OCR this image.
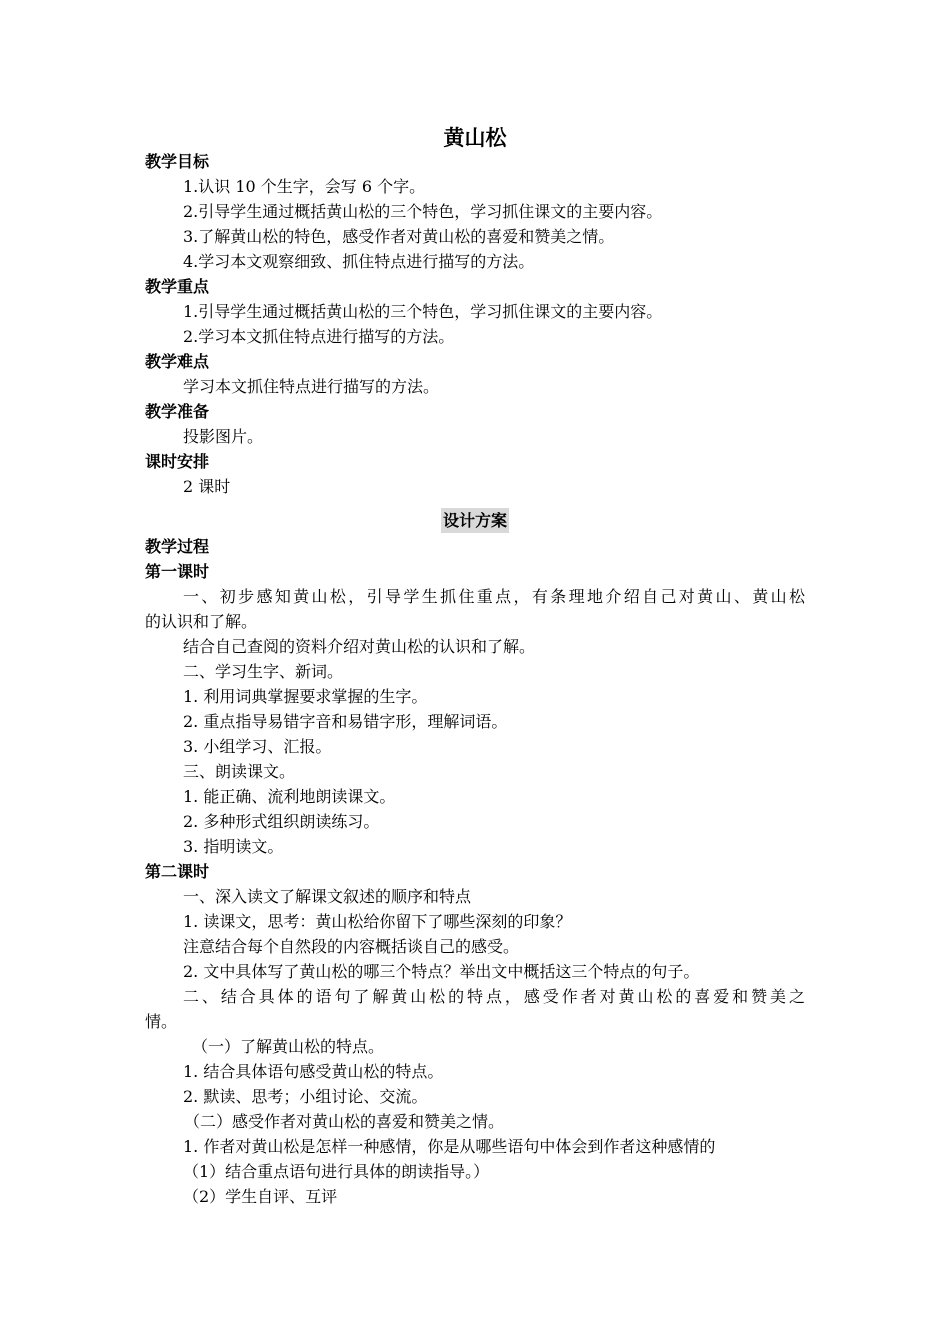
黄山松
教学目标
1.认识 10 个生字，会写 6 个字。
2.引导学生通过概括黄山松的三个特色，学习抓住课文的主要内容。
3.了解黄山松的特色，感受作者对黄山松的喜爱和赞美之情。
4.学习本文观察细致、抓住特点进行描写的方法。
教学重点
1.引导学生通过概括黄山松的三个特色，学习抓住课文的主要内容。
2.学习本文抓住特点进行描写的方法。
教学难点
学习本文抓住特点进行描写的方法。
教学准备
投影图片。
课时安排
2 课时
设计方案
教学过程
第一课时
一、初步感知黄山松，引导学生抓住重点，有条理地介绍自己对黄山、黄山松
的认识和了解。
结合自己查阅的资料介绍对黄山松的认识和了解。
二、学习生字、新词。
1. 利用词典掌握要求掌握的生字。
2. 重点指导易错字音和易错字形，理解词语。
3. 小组学习、汇报。
三、朗读课文。
1. 能正确、流利地朗读课文。
2. 多种形式组织朗读练习。
3. 指明读文。
第二课时
一、深入读文了解课文叙述的顺序和特点
1. 读课文，思考：黄山松给你留下了哪些深刻的印象？
注意结合每个自然段的内容概括谈自己的感受。
2. 文中具体写了黄山松的哪三个特点？举出文中概括这三个特点的句子。
二、结合具体的语句了解黄山松的特点，感受作者对黄山松的喜爱和赞美之
情。
（一）了解黄山松的特点。
1. 结合具体语句感受黄山松的特点。
2. 默读、思考；小组讨论、交流。
（二）感受作者对黄山松的喜爱和赞美之情。
1. 作者对黄山松是怎样一种感情，你是从哪些语句中体会到作者这种感情的
（1）结合重点语句进行具体的朗读指导。）
（2）学生自评、互评
